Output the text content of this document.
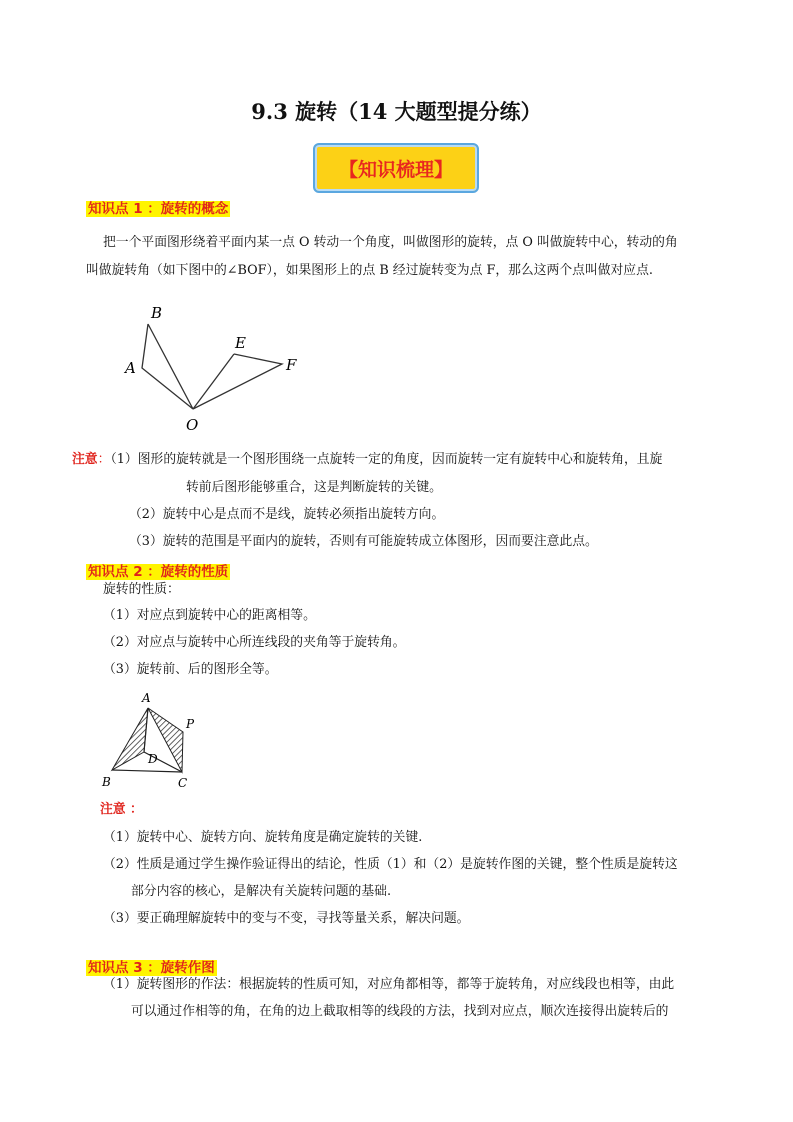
9.3 旋转（14 大题型提分练）
【知识梳理】
知识点 1 ：旋转的概念
把一个平面图形绕着平面内某一点 O 转动一个角度，叫做图形的旋转，点 O 叫做旋转中心，转动的角
叫做旋转角（如下图中的∠BOF），如果图形上的点 B 经过旋转变为点 F，那么这两个点叫做对应点.
B
A
E
F
O
注意：（1）图形的旋转就是一个图形围绕一点旋转一定的角度，因而旋转一定有旋转中心和旋转角，且旋
转前后图形能够重合，这是判断旋转的关键。
（2）旋转中心是点而不是线，旋转必须指出旋转方向。
（3）旋转的范围是平面内的旋转，否则有可能旋转成立体图形，因而要注意此点。
知识点 2 ：旋转的性质
旋转的性质：
（1）对应点到旋转中心的距离相等。
（2）对应点与旋转中心所连线段的夹角等于旋转角。
（3）旋转前、后的图形全等。
A
P
D
B	C
注意 ：
（1）旋转中心、旋转方向、旋转角度是确定旋转的关键.
（2）性质是通过学生操作验证得出的结论，性质（1）和（2）是旋转作图的关键，整个性质是旋转这
部分内容的核心，是解决有关旋转问题的基础.
（3）要正确理解旋转中的变与不变，寻找等量关系，解决问题。
知识点 3 ：旋转作图
（1）旋转图形的作法：根据旋转的性质可知，对应角都相等，都等于旋转角，对应线段也相等，由此
可以通过作相等的角，在角的边上截取相等的线段的方法，找到对应点，顺次连接得出旋转后的
